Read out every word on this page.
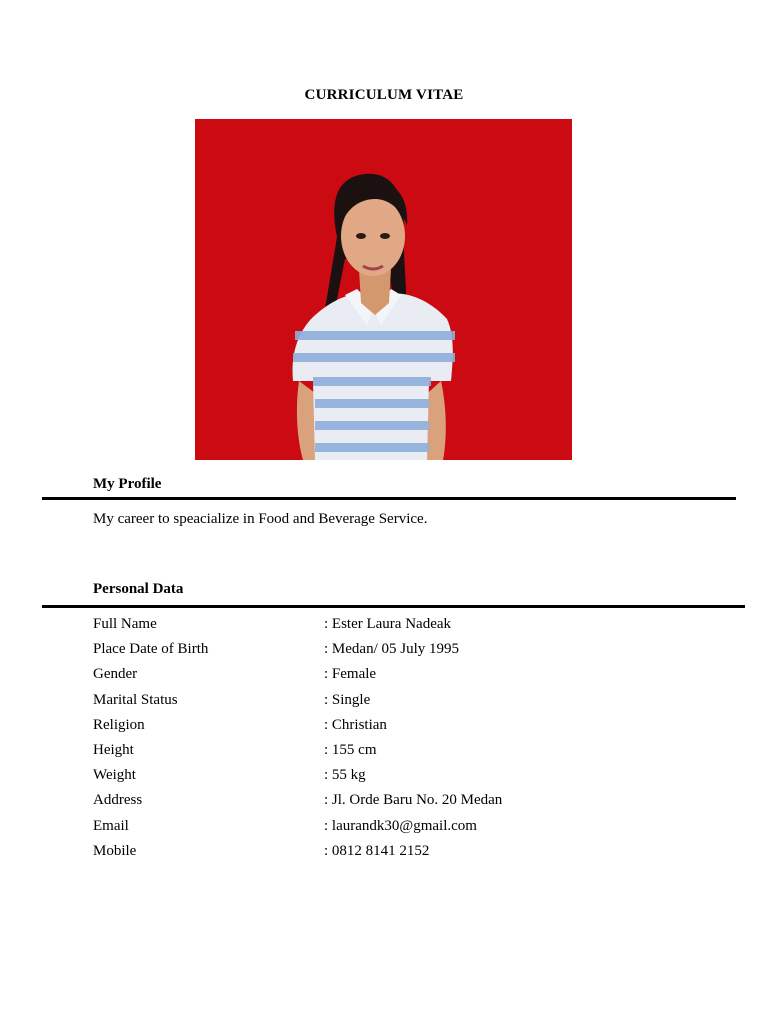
CURRICULUM VITAE
My Profile
My career to speacialize in Food and Beverage Service.
Personal Data
Full Name	: Ester Laura Nadeak
Place Date of Birth	: Medan/ 05 July 1995
Gender	: Female
Marital Status	: Single
Religion	: Christian
Height	: 155 cm
Weight	: 55 kg
Address	: Jl. Orde Baru No. 20 Medan
Email	: laurandk30@gmail.com
Mobile	: 0812 8141 2152
